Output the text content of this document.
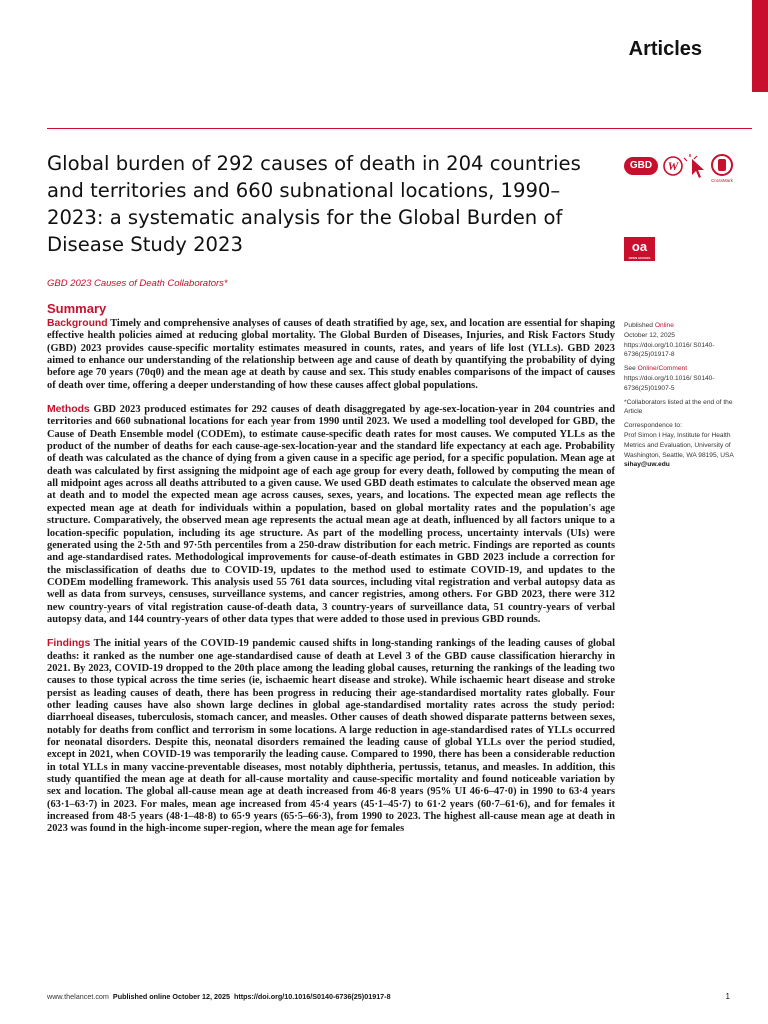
Articles
Global burden of 292 causes of death in 204 countries and territories and 660 subnational locations, 1990–2023: a systematic analysis for the Global Burden of Disease Study 2023
GBD	W
CrossMark
oa
OPEN ACCESS
GBD 2023 Causes of Death Collaborators*
Summary

Background Timely and comprehensive analyses of causes of death stratified by age, sex, and location are essential for shaping effective health policies aimed at reducing global mortality. The Global Burden of Diseases, Injuries, and Risk Factors Study (GBD) 2023 provides cause-specific mortality estimates measured in counts, rates, and years of life lost (YLLs). GBD 2023 aimed to enhance our understanding of the relationship between age and cause of death by quantifying the probability of dying before age 70 years (70q0) and the mean age at death by cause and sex. This study enables comparisons of the impact of causes of death over time, offering a deeper understanding of how these causes affect global populations.

Methods GBD 2023 produced estimates for 292 causes of death disaggregated by age-sex-location-year in 204 countries and territories and 660 subnational locations for each year from 1990 until 2023. We used a modelling tool developed for GBD, the Cause of Death Ensemble model (CODEm), to estimate cause-specific death rates for most causes. We computed YLLs as the product of the number of deaths for each cause-age-sex-location-year and the standard life expectancy at each age. Probability of death was calculated as the chance of dying from a given cause in a specific age period, for a specific population. Mean age at death was calculated by first assigning the midpoint age of each age group for every death, followed by computing the mean of all midpoint ages across all deaths attributed to a given cause. We used GBD death estimates to calculate the observed mean age at death and to model the expected mean age across causes, sexes, years, and locations. The expected mean age reflects the expected mean age at death for individuals within a population, based on global mortality rates and the population's age structure. Comparatively, the observed mean age represents the actual mean age at death, influenced by all factors unique to a location-specific population, including its age structure. As part of the modelling process, uncertainty intervals (UIs) were generated using the 2·5th and 97·5th percentiles from a 250-draw distribution for each metric. Findings are reported as counts and age-standardised rates. Methodological improvements for cause-of-death estimates in GBD 2023 include a correction for the misclassification of deaths due to COVID-19, updates to the method used to estimate COVID-19, and updates to the CODEm modelling framework. This analysis used 55 761 data sources, including vital registration and verbal autopsy data as well as data from surveys, censuses, surveillance systems, and cancer registries, among others. For GBD 2023, there were 312 new country-years of vital registration cause-of-death data, 3 country-years of surveillance data, 51 country-years of verbal autopsy data, and 144 country-years of other data types that were added to those used in previous GBD rounds.

Findings The initial years of the COVID-19 pandemic caused shifts in long-standing rankings of the leading causes of global deaths: it ranked as the number one age-standardised cause of death at Level 3 of the GBD cause classification hierarchy in 2021. By 2023, COVID-19 dropped to the 20th place among the leading global causes, returning the rankings of the leading two causes to those typical across the time series (ie, ischaemic heart disease and stroke). While ischaemic heart disease and stroke persist as leading causes of death, there has been progress in reducing their age-standardised mortality rates globally. Four other leading causes have also shown large declines in global age-standardised mortality rates across the study period: diarrhoeal diseases, tuberculosis, stomach cancer, and measles. Other causes of death showed disparate patterns between sexes, notably for deaths from conflict and terrorism in some locations. A large reduction in age-standardised rates of YLLs occurred for neonatal disorders. Despite this, neonatal disorders remained the leading cause of global YLLs over the period studied, except in 2021, when COVID-19 was temporarily the leading cause. Compared to 1990, there has been a considerable reduction in total YLLs in many vaccine-preventable diseases, most notably diphtheria, pertussis, tetanus, and measles. In addition, this study quantified the mean age at death for all-cause mortality and cause-specific mortality and found noticeable variation by sex and location. The global all-cause mean age at death increased from 46·8 years (95% UI 46·6–47·0) in 1990 to 63·4 years (63·1–63·7) in 2023. For males, mean age increased from 45·4 years (45·1–45·7) to 61·2 years (60·7–61·6), and for females it increased from 48·5 years (48·1–48·8) to 65·9 years (65·5–66·3), from 1990 to 2023. The highest all-cause mean age at death in 2023 was found in the high-income super-region, where the mean age for females

Published Online
October 12, 2025
https://doi.org/10.1016/ S0140-6736(25)01917-8
See Online/Comment
https://doi.org/10.1016/ S0140-6736(25)01907-5
*Collaborators listed at the end of the Article
Correspondence to:
Prof Simon I Hay, Institute for Health Metrics and Evaluation, University of Washington, Seattle, WA 98195, USA
sihay@uw.edu
www.thelancet.com Published online October 12, 2025 https://doi.org/10.1016/S0140-6736(25)01917-8	1
